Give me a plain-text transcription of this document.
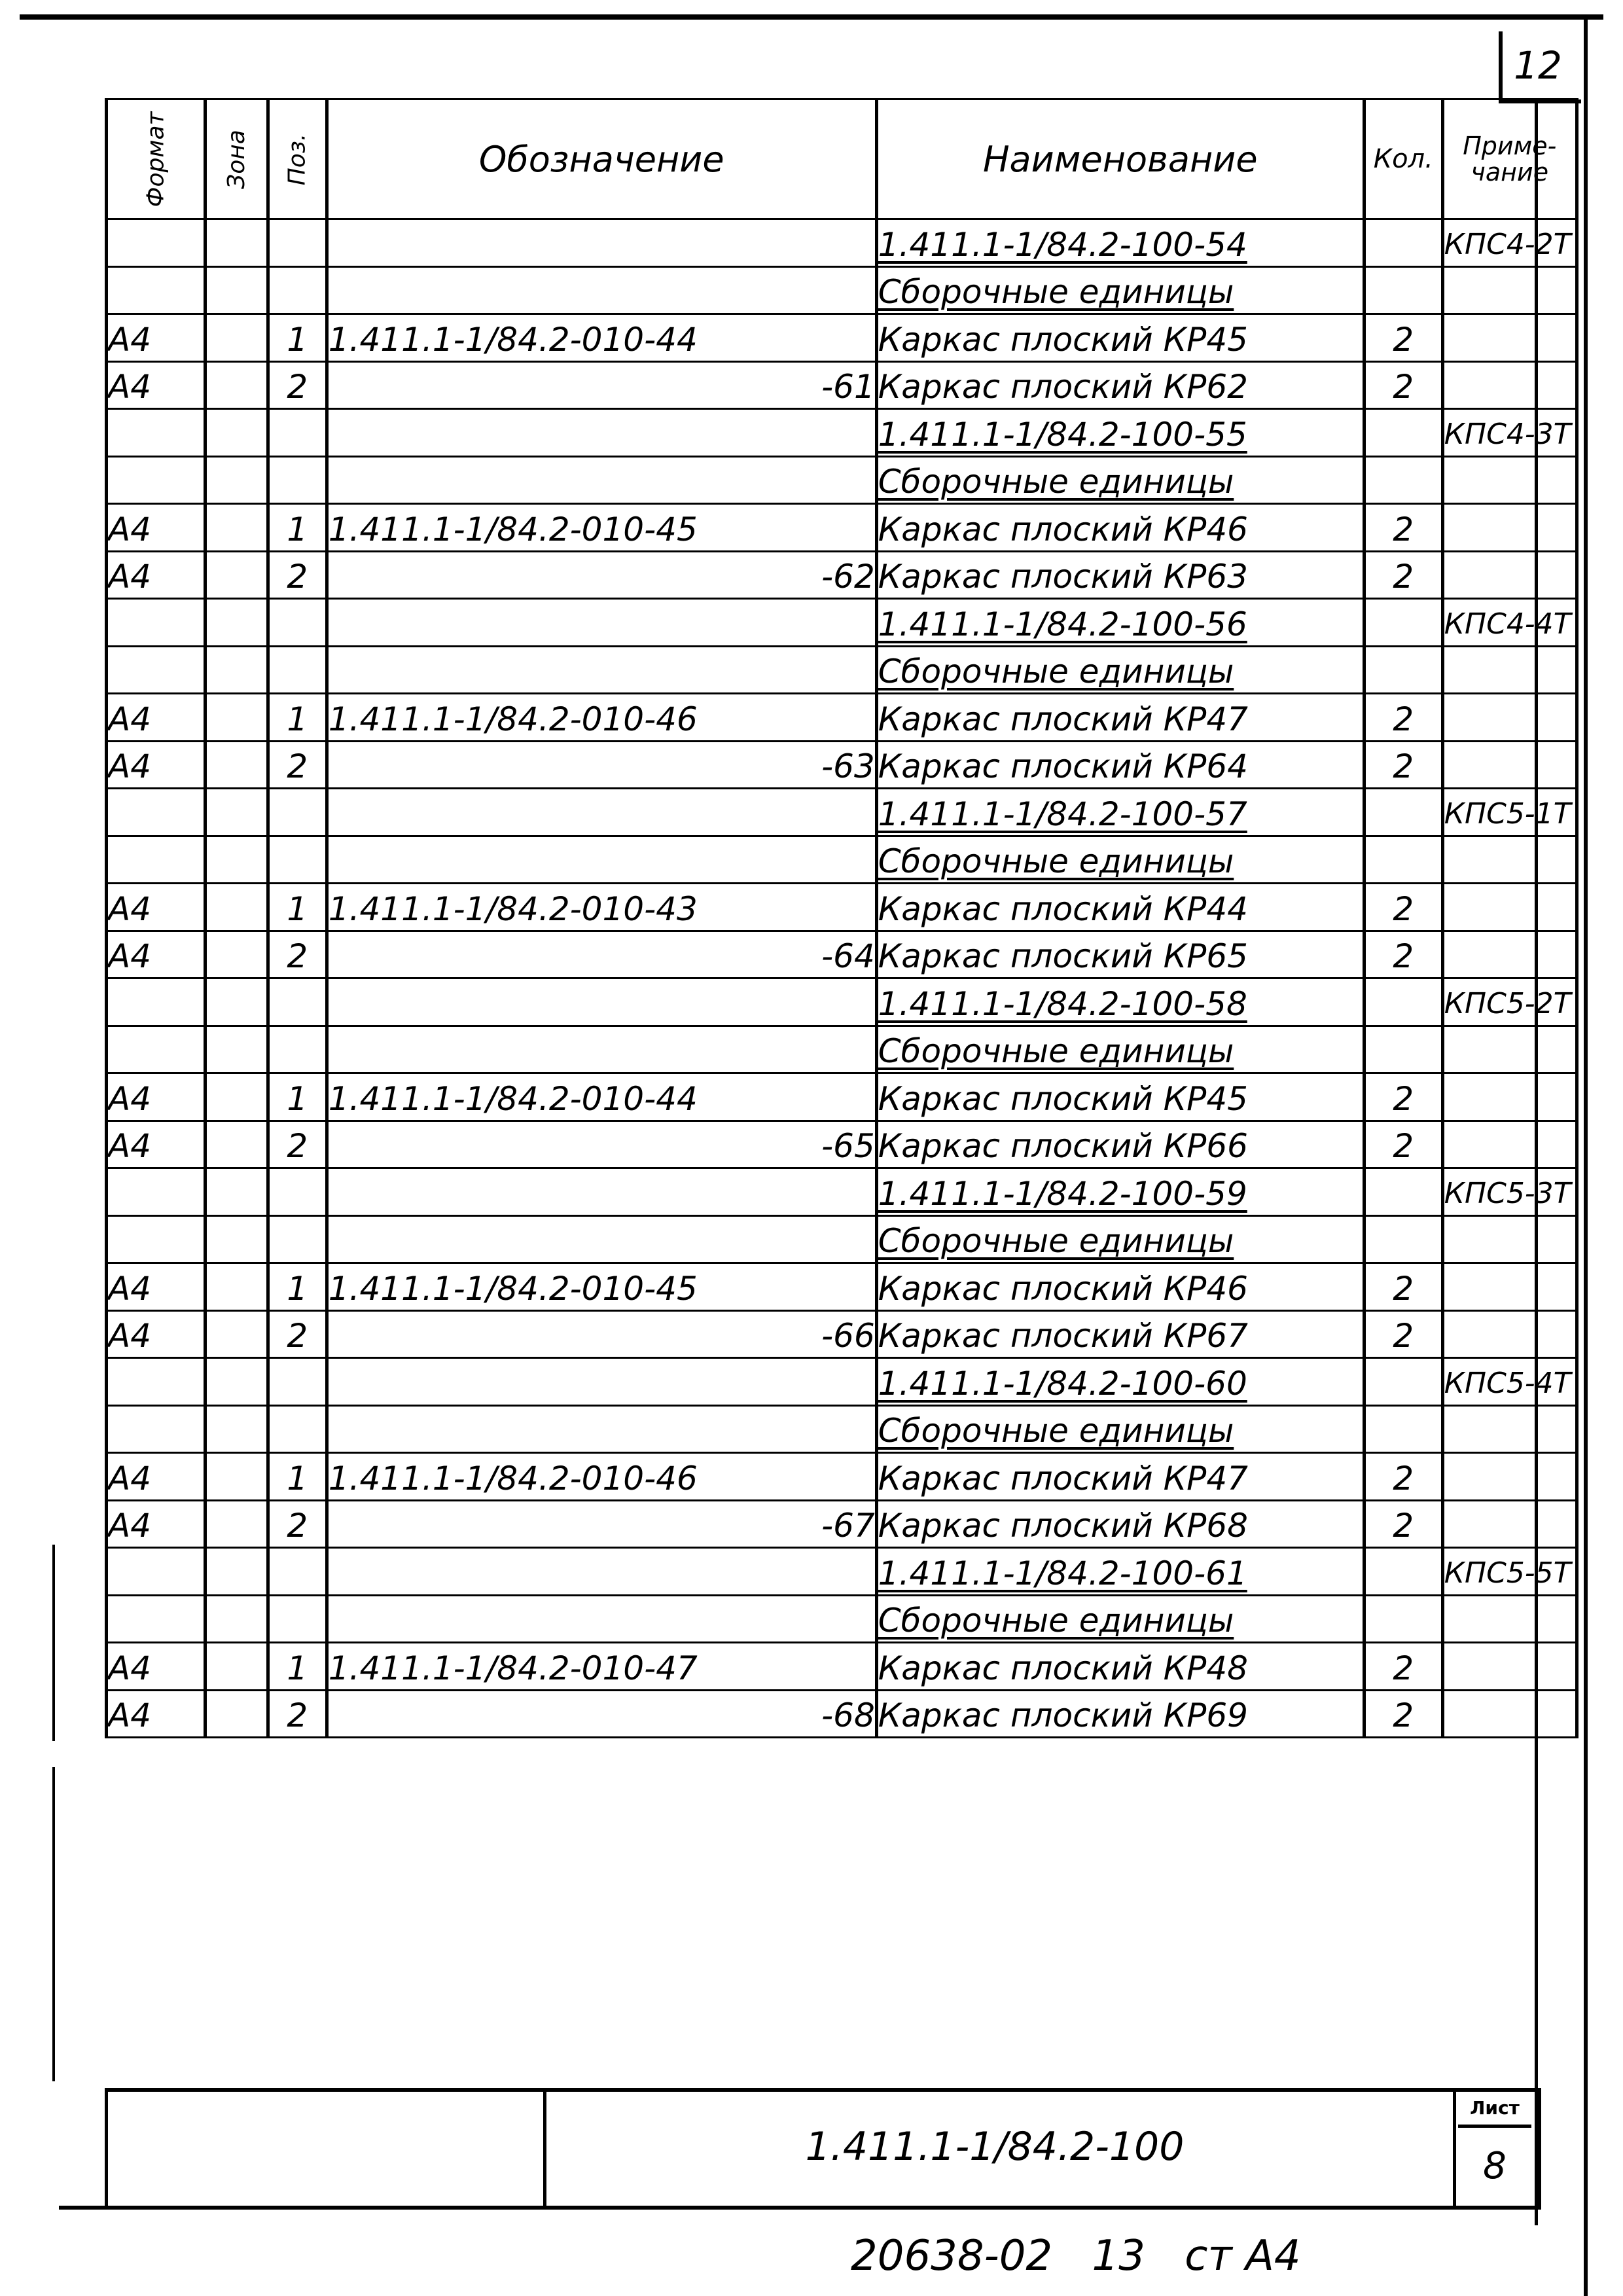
12
Формат	Зона	Поз.	Обозначение	Наименование	Кол.	Приме-чание
				1.411.1-1/84.2-100-54		КПС4-2Т
				Сборочные единицы		
А4		1	1.411.1-1/84.2-010-44	Каркас плоский КР45	2	
А4		2	-61	Каркас плоский КР62	2	
				1.411.1-1/84.2-100-55		КПС4-3Т
				Сборочные единицы		
А4		1	1.411.1-1/84.2-010-45	Каркас плоский КР46	2	
А4		2	-62	Каркас плоский КР63	2	
				1.411.1-1/84.2-100-56		КПС4-4Т
				Сборочные единицы		
А4		1	1.411.1-1/84.2-010-46	Каркас плоский КР47	2	
А4		2	-63	Каркас плоский КР64	2	
				1.411.1-1/84.2-100-57		КПС5-1Т
				Сборочные единицы		
А4		1	1.411.1-1/84.2-010-43	Каркас плоский КР44	2	
А4		2	-64	Каркас плоский КР65	2	
				1.411.1-1/84.2-100-58		КПС5-2Т
				Сборочные единицы		
А4		1	1.411.1-1/84.2-010-44	Каркас плоский КР45	2	
А4		2	-65	Каркас плоский КР66	2	
				1.411.1-1/84.2-100-59		КПС5-3Т
				Сборочные единицы		
А4		1	1.411.1-1/84.2-010-45	Каркас плоский КР46	2	
А4		2	-66	Каркас плоский КР67	2	
				1.411.1-1/84.2-100-60		КПС5-4Т
				Сборочные единицы		
А4		1	1.411.1-1/84.2-010-46	Каркас плоский КР47	2	
А4		2	-67	Каркас плоский КР68	2	
				1.411.1-1/84.2-100-61		КПС5-5Т
				Сборочные единицы		
А4		1	1.411.1-1/84.2-010-47	Каркас плоский КР48	2	
А4		2	-68	Каркас плоский КР69	2	
1.411.1-1/84.2-100
Лист
8
20638-02 13 ст А4
